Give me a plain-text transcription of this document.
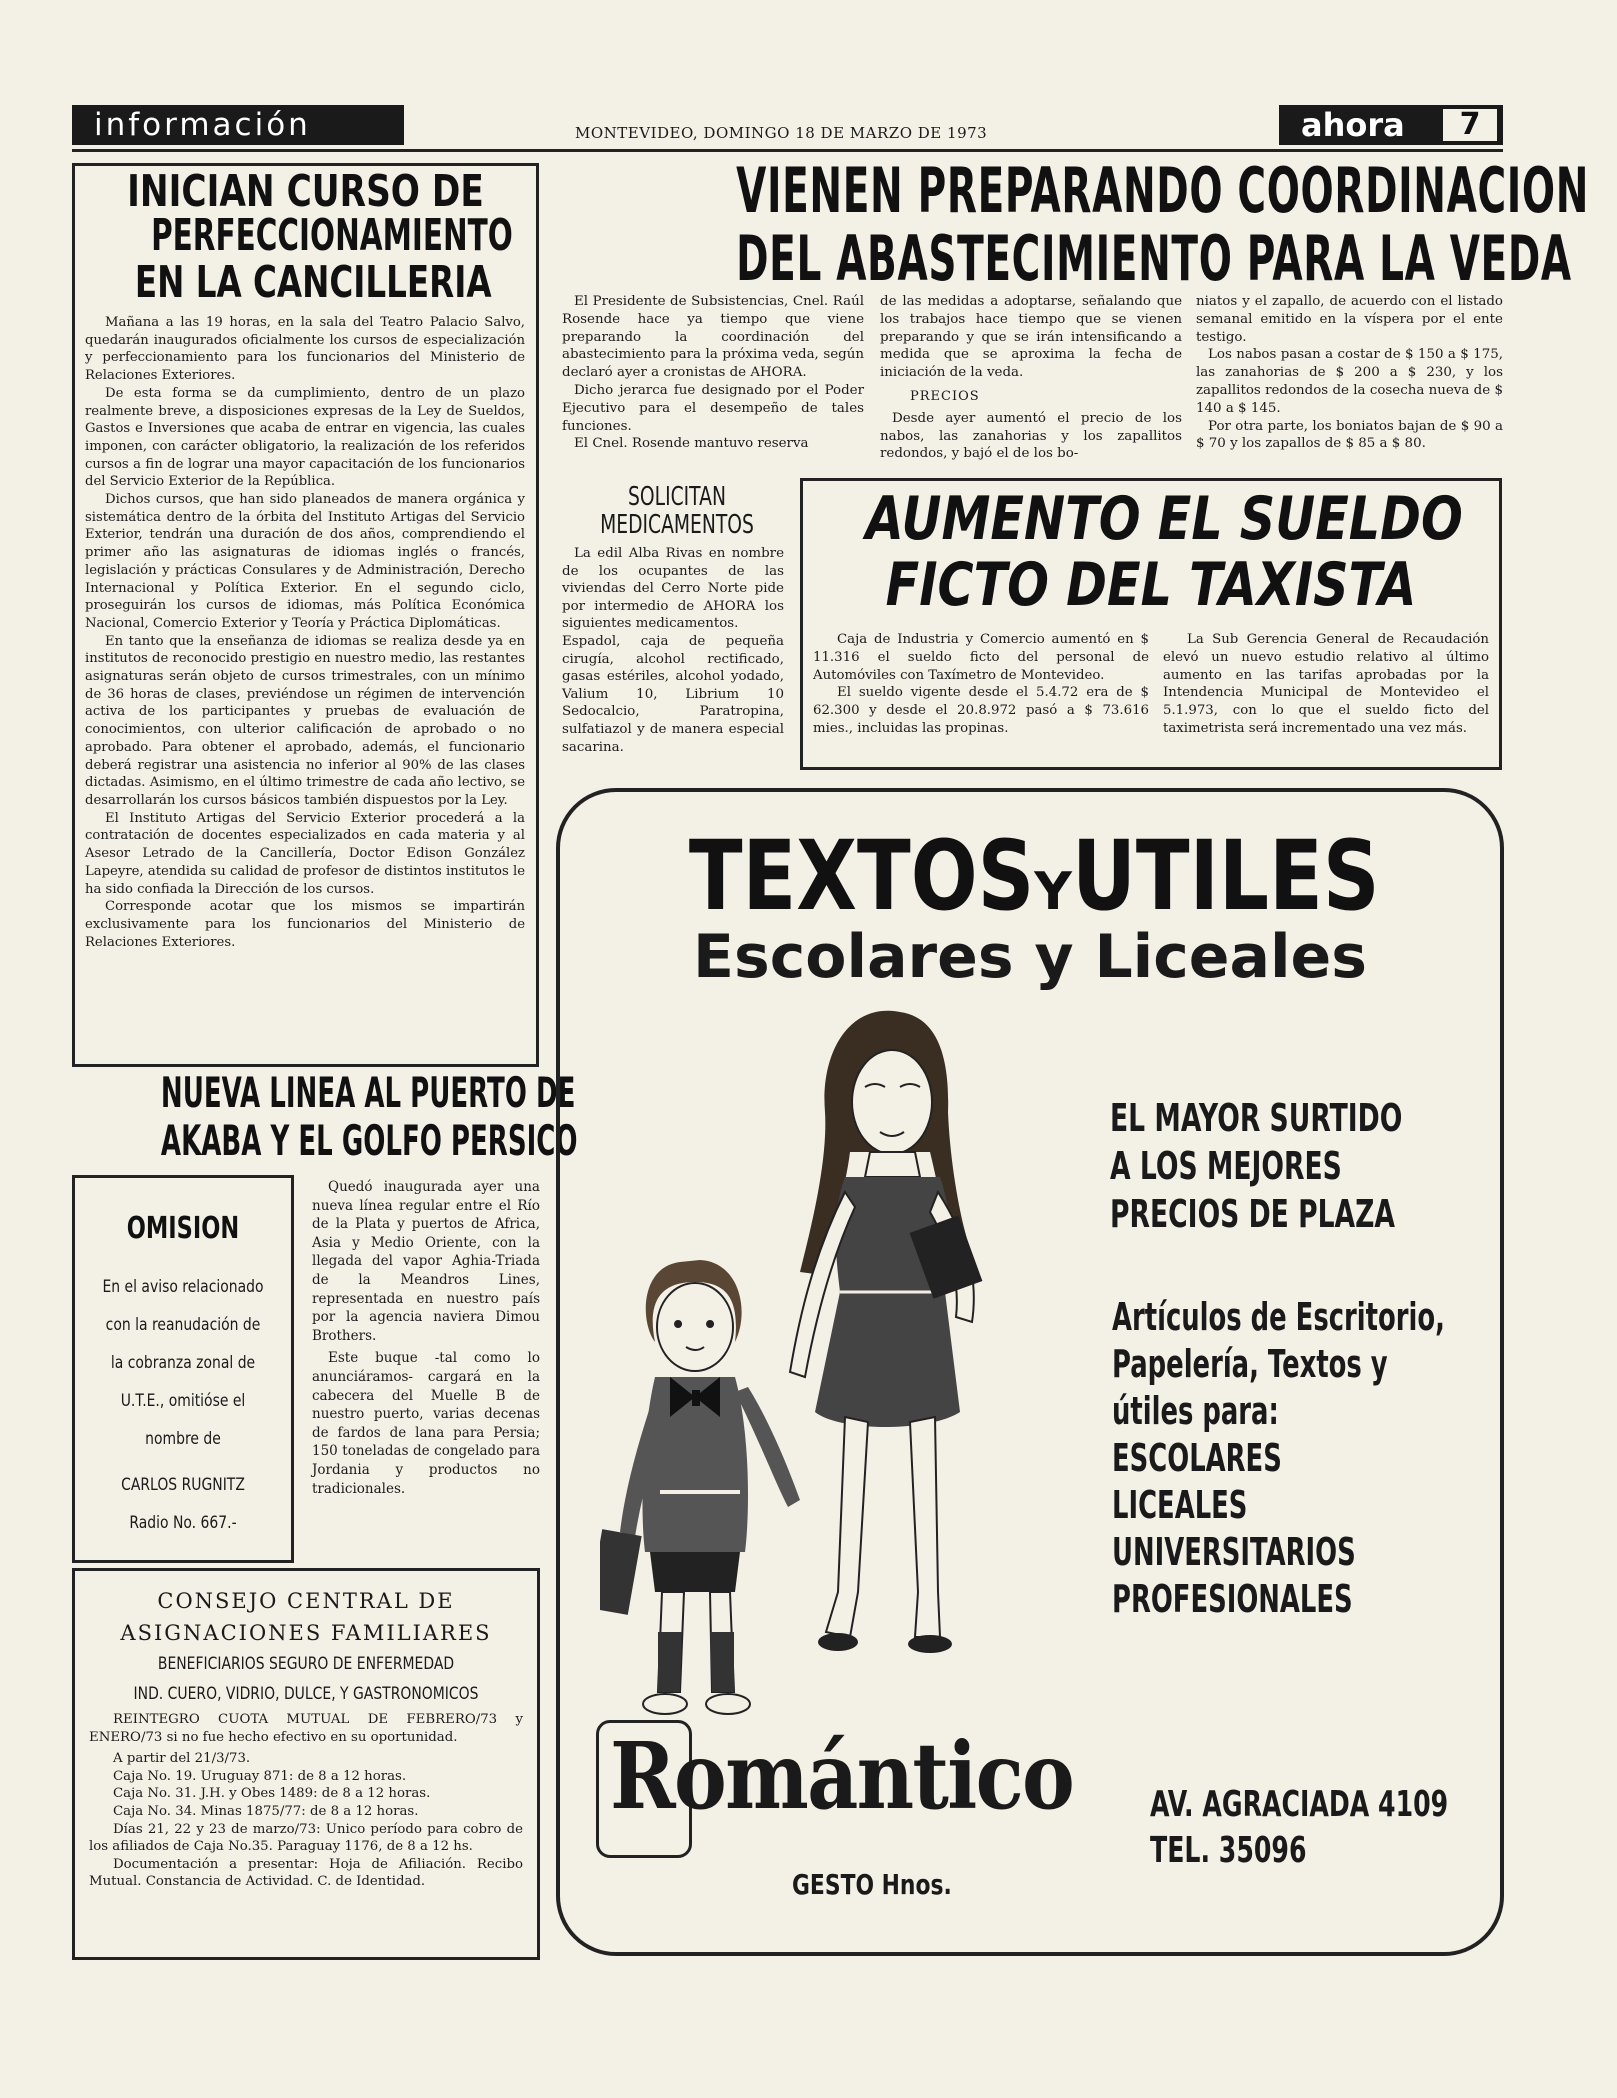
información	MONTEVIDEO, DOMINGO 18 DE MARZO DE 1973	ahora	7
INICIAN CURSO DE
PERFECCIONAMIENTO
EN LA CANCILLERIA

Mañana a las 19 horas, en la sala del Teatro Palacio Salvo, quedarán inaugurados oficialmente los cursos de especialización y perfeccionamiento para los funcionarios del Ministerio de Relaciones Exteriores.

De esta forma se da cumplimiento, dentro de un plazo realmente breve, a disposiciones expresas de la Ley de Sueldos, Gastos e Inversiones que acaba de entrar en vigencia, las cuales imponen, con carácter obligatorio, la realización de los referidos cursos a fin de lograr una mayor capacitación de los funcionarios del Servicio Exterior de la República.

Dichos cursos, que han sido planeados de manera orgánica y sistemática dentro de la órbita del Instituto Artigas del Servicio Exterior, tendrán una duración de dos años, comprendiendo el primer año las asignaturas de idiomas inglés o francés, legislación y prácticas Consulares y de Administración, Derecho Internacional y Política Exterior. En el segundo ciclo, proseguirán los cursos de idiomas, más Política Económica Nacional, Comercio Exterior y Teoría y Práctica Diplomáticas.

En tanto que la enseñanza de idiomas se realiza desde ya en institutos de reconocido prestigio en nuestro medio, las restantes asignaturas serán objeto de cursos trimestrales, con un mínimo de 36 horas de clases, previéndose un régimen de intervención activa de los participantes y pruebas de evaluación de conocimientos, con ulterior calificación de aprobado o no aprobado. Para obtener el aprobado, además, el funcionario deberá registrar una asistencia no inferior al 90% de las clases dictadas. Asimismo, en el último trimestre de cada año lectivo, se desarrollarán los cursos básicos también dispuestos por la Ley.

El Instituto Artigas del Servicio Exterior procederá a la contratación de docentes especializados en cada materia y al Asesor Letrado de la Cancillería, Doctor Edison González Lapeyre, atendida su calidad de profesor de distintos institutos le ha sido confiada la Dirección de los cursos.

Corresponde acotar que los mismos se impartirán exclusivamente para los funcionarios del Ministerio de Relaciones Exteriores.

NUEVA LINEA AL PUERTO DE
AKABA Y EL GOLFO PERSICO
OMISION
En el aviso relacionado
con la reanudación de
la cobranza zonal de
U.T.E., omitióse el
nombre de
CARLOS RUGNITZ
Radio No. 667.-

Quedó inaugurada ayer una nueva línea regular entre el Río de la Plata y puertos de Africa, Asia y Medio Oriente, con la llegada del vapor Aghia-Triada de la Meandros Lines, representada en nuestro país por la agencia naviera Dimou Brothers.

Este buque -tal como lo anunciáramos- cargará en la cabecera del Muelle B de nuestro puerto, varias decenas de fardos de lana para Persia; 150 toneladas de congelado para Jordania y productos no tradicionales.

CONSEJO CENTRAL DE
ASIGNACIONES FAMILIARES
BENEFICIARIOS SEGURO DE ENFERMEDAD
IND. CUERO, VIDRIO, DULCE, Y GASTRONOMICOS

REINTEGRO CUOTA MUTUAL DE FEBRERO/73 y ENERO/73 si no fue hecho efectivo en su oportunidad.

A partir del 21/3/73.

Caja No. 19. Uruguay 871: de 8 a 12 horas.

Caja No. 31. J.H. y Obes 1489: de 8 a 12 horas.

Caja No. 34. Minas 1875/77: de 8 a 12 horas.

Días 21, 22 y 23 de marzo/73: Unico período para cobro de los afiliados de Caja No.35. Paraguay 1176, de 8 a 12 hs.

Documentación a presentar: Hoja de Afiliación. Recibo Mutual. Constancia de Actividad. C. de Identidad.

VIENEN PREPARANDO COORDINACION
DEL ABASTECIMIENTO PARA LA VEDA

El Presidente de Subsistencias, Cnel. Raúl Rosende hace ya tiempo que viene preparando la coordinación del abastecimiento para la próxima veda, según declaró ayer a cronistas de AHORA.

Dicho jerarca fue designado por el Poder Ejecutivo para el desempeño de tales funciones.

El Cnel. Rosende mantuvo reserva

de las medidas a adoptarse, señalando que los trabajos hace tiempo que se vienen preparando y que se irán intensificando a medida que se aproxima la fecha de iniciación de la veda.

PRECIOS

Desde ayer aumentó el precio de los nabos, las zanahorias y los zapallitos redondos, y bajó el de los bo-

niatos y el zapallo, de acuerdo con el listado semanal emitido en la víspera por el ente testigo.

Los nabos pasan a costar de $ 150 a $ 175, las zanahorias de $ 200 a $ 230, y los zapallitos redondos de la cosecha nueva de $ 140 a $ 145.

Por otra parte, los boniatos bajan de $ 90 a $ 70 y los zapallos de $ 85 a $ 80.

SOLICITAN
MEDICAMENTOS

La edil Alba Rivas en nombre de los ocupantes de las viviendas del Cerro Norte pide por intermedio de AHORA los siguientes medicamentos.

Espadol, caja de pequeña cirugía, alcohol rectificado, gasas estériles, alcohol yodado, Valium 10, Librium 10 Sedocalcio, Paratropina, sulfatiazol y de manera especial sacarina.

AUMENTO EL SUELDO
FICTO DEL TAXISTA

Caja de Industria y Comercio aumentó en $ 11.316 el sueldo ficto del personal de Automóviles con Taxímetro de Montevideo.

El sueldo vigente desde el 5.4.72 era de $ 62.300 y desde el 20.8.972 pasó a $ 73.616 mies., incluidas las propinas.

La Sub Gerencia General de Recaudación elevó un nuevo estudio relativo al último aumento en las tarifas aprobadas por la Intendencia Municipal de Montevideo el 5.1.973, con lo que el sueldo ficto del taximetrista será incrementado una vez más.

TEXTOSYUTILES
Escolares y Liceales
EL MAYOR SURTIDO
A LOS MEJORES
PRECIOS DE PLAZA
Artículos de Escritorio,
Papelería, Textos y
útiles para:
ESCOLARES
LICEALES
UNIVERSITARIOS
PROFESIONALES
Romántico
GESTO Hnos.
AV. AGRACIADA 4109
TEL. 35096
